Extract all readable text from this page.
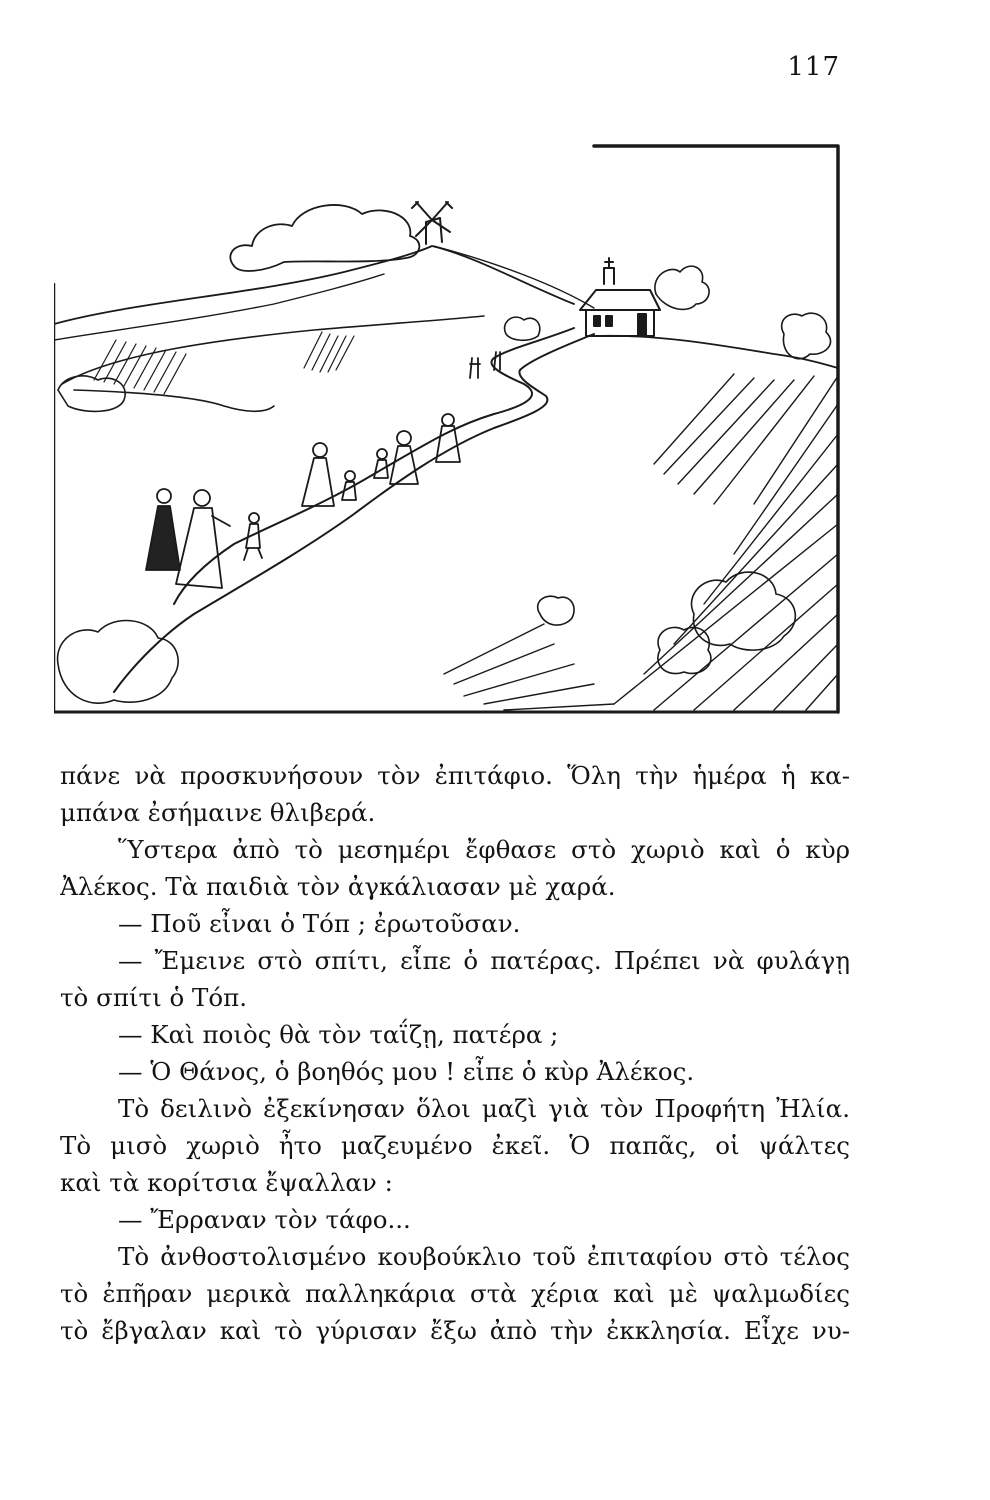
117
πάνε νὰ προσκυνήσουν τὸν ἐπιτάφιο. Ὅλη τὴν ἡμέρα ἡ κα-
μπάνα ἐσήμαινε θλιβερά.
Ὕστερα ἀπὸ τὸ μεσημέρι ἔφθασε στὸ χωριὸ καὶ ὁ κὺρ
Ἀλέκος. Τὰ παιδιὰ τὸν ἀγκάλιασαν μὲ χαρά.
— Ποῦ εἶναι ὁ Τόπ ; ἐρωτοῦσαν.
— Ἔμεινε στὸ σπίτι, εἶπε ὁ πατέρας. Πρέπει νὰ φυλάγῃ
τὸ σπίτι ὁ Τόπ.
— Καὶ ποιὸς θὰ τὸν ταΐζῃ, πατέρα ;
— Ὁ Θάνος, ὁ βοηθός μου ! εἶπε ὁ κὺρ Ἀλέκος.
Τὸ δειλινὸ ἐξεκίνησαν ὅλοι μαζὶ γιὰ τὸν Προφήτη Ἠλία.
Τὸ μισὸ χωριὸ ἦτο μαζευμένο ἐκεῖ. Ὁ παπᾶς, οἱ ψάλτες
καὶ τὰ κορίτσια ἔψαλλαν :
— Ἔρραναν τὸν τάφο...
Τὸ ἀνθοστολισμένο κουβούκλιο τοῦ ἐπιταφίου στὸ τέλος
τὸ ἐπῆραν μερικὰ παλληκάρια στὰ χέρια καὶ μὲ ψαλμωδίες
τὸ ἔβγαλαν καὶ τὸ γύρισαν ἔξω ἀπὸ τὴν ἐκκλησία. Εἶχε νυ-
